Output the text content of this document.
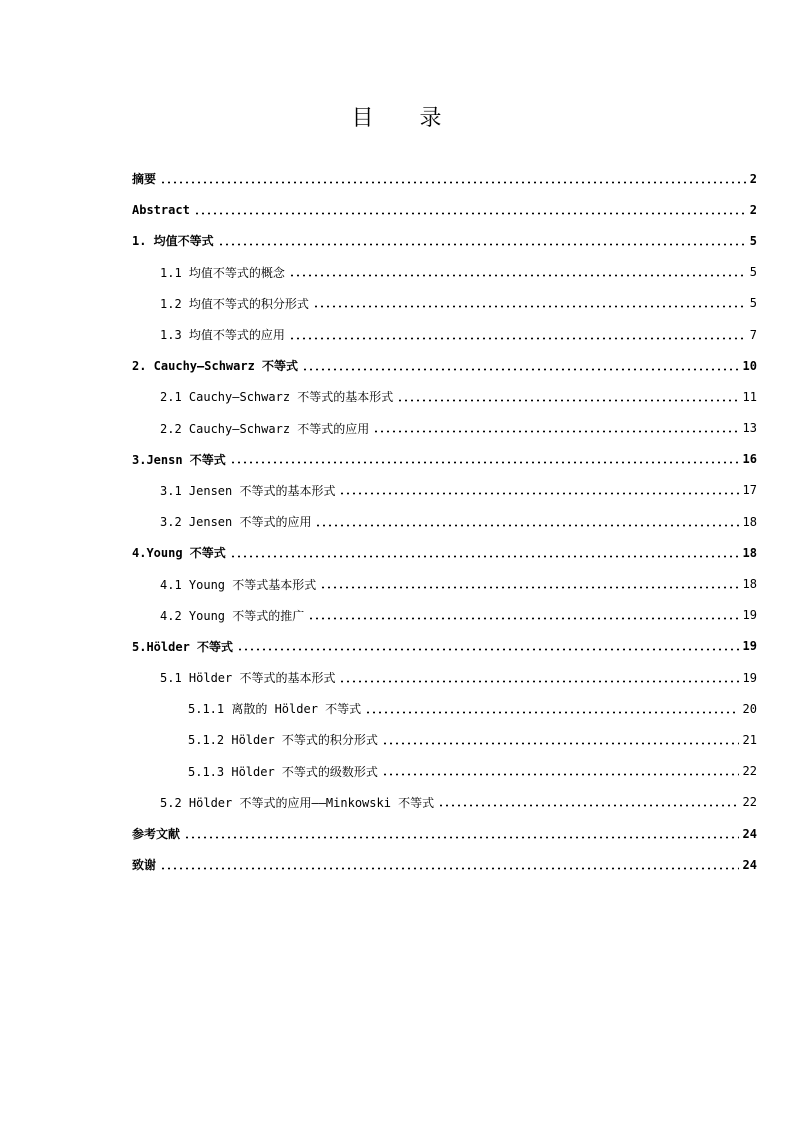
目 录
摘要	2
Abstract	2
1. 均值不等式	5
1.1 均值不等式的概念	5
1.2 均值不等式的积分形式	5
1.3 均值不等式的应用	7
2. Cauchy—Schwarz 不等式	10
2.1 Cauchy—Schwarz 不等式的基本形式	11
2.2 Cauchy—Schwarz 不等式的应用	13
3.Jensn 不等式	16
3.1 Jensen 不等式的基本形式	17
3.2 Jensen 不等式的应用	18
4.Young 不等式	18
4.1 Young 不等式基本形式	18
4.2 Young 不等式的推广	19
5.Hölder 不等式	19
5.1 Hölder 不等式的基本形式	19
5.1.1 离散的 Hölder 不等式	20
5.1.2 Hölder 不等式的积分形式	21
5.1.3 Hölder 不等式的级数形式	22
5.2 Hölder 不等式的应用——Minkowski 不等式	22
参考文献	24
致谢	24
